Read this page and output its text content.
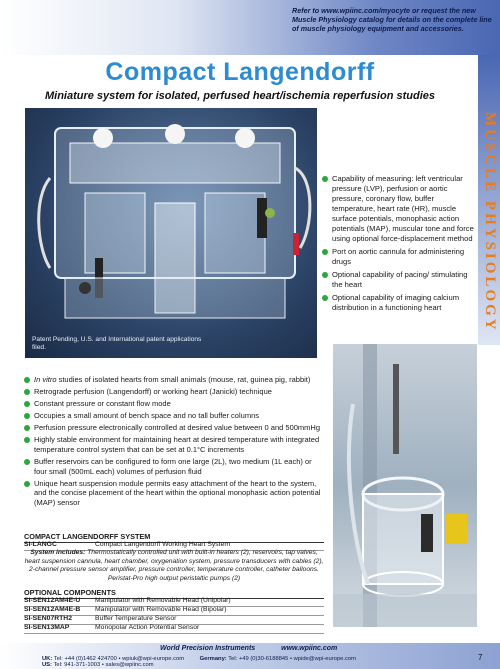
Refer to www.wpiinc.com/myocyte or request the new Muscle Physiology catalog for details on the complete line of muscle physiology equipment and accessories.
Compact Langendorff
Miniature system for isolated, perfused heart/ischemia reperfusion studies
MUSCLE PHYSIOLOGY
Patent Pending, U.S. and International patent applications filed.
Capability of measuring: left ventricular pressure (LVP), perfusion or aortic pressure, coronary flow, buffer temperature, heart rate (HR), muscle surface potentials, monophasic action potentials (MAP), muscular tone and force using optional force-displacement method
Port on aortic cannula for administering drugs
Optional capability of pacing/ stimulating the heart
Optional capability of imaging calcium distribution in a functioning heart
In vitro studies of isolated hearts from small animals (mouse, rat, guinea pig, rabbit)
Retrograde perfusion (Langendorff) or working heart (Janicki) technique
Constant pressure or constant flow mode
Occupies a small amount of bench space and no tall buffer columns
Perfusion pressure electronically controlled at desired value between 0 and 500mmHg
Highly stable environment for maintaining heart at desired temperature with integrated temperature control system that can be set at 0.1°C increments
Buffer reservoirs can be configured to form one large (2L), two medium (1L each) or four small (500mL each) volumes of perfusion fluid
Unique heart suspension module permits easy attachment of the heart to the system, and the concise placement of the heart within the optional monophasic action potential (MAP) sensor
COMPACT LANGENDORFF SYSTEM
SI-LANGC	Compact Langendorff Working Heart System
System includes: Thermostatically controlled unit with built-in heaters (2), reservoirs, tap valves, heart suspension cannula, heart chamber, oxygenation system, pressure transducers with cables (2), 2-channel pressure sensor amplifier, pressure controller, temperature controller, catheter balloons. Peristat-Pro high output peristaltic pumps (2)
OPTIONAL COMPONENTS
SI-SEN12AM4E-U Manipulator with Removable Head (Unipolar)
SI-SEN12AM4E-B Manipulator with Removable Head (Bipolar)
SI-SEN07RTH2	Buffer Temperature Sensor
SI-SEN13MAP	Monopolar Action Potential Sensor
World Precision Instruments	www.wpiinc.com
UK: Tel: +44 (0)1462 424700 • wpiuk@wpi-europe.com	Germany: Tel: +49 (0)30-6188845 • wpide@wpi-europe.com US: Tel: 941-371-1003 • sales@wpiinc.com
7
